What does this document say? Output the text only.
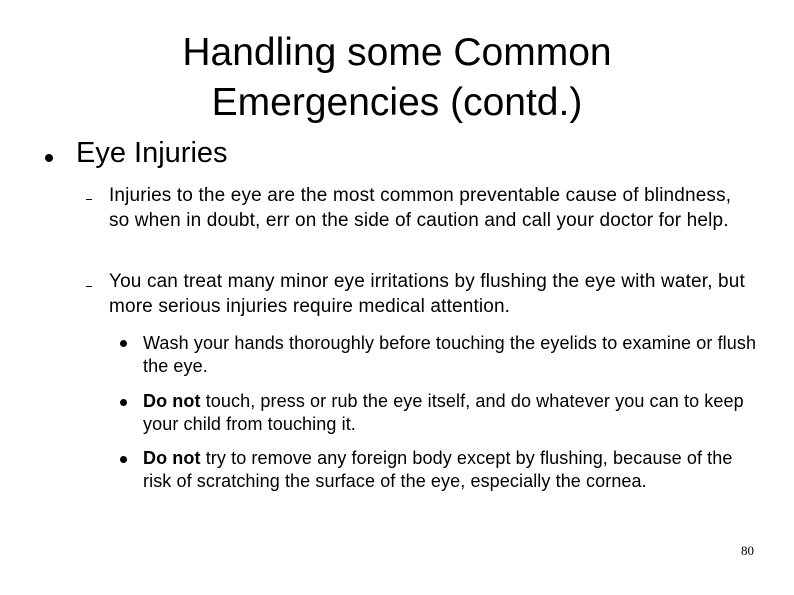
Handling some Common
Emergencies (contd.)
Eye Injuries
Injuries to the eye are the most common preventable cause of blindness, so when in doubt, err on the side of caution and call your doctor for help.
You can treat many minor eye irritations by flushing the eye with water, but more serious injuries require medical attention.
Wash your hands thoroughly before touching the eyelids to examine or flush the eye.
Do not touch, press or rub the eye itself, and do whatever you can to keep your child from touching it.
Do not try to remove any foreign body except by flushing, because of the risk of scratching the surface of the eye, especially the cornea.
80
